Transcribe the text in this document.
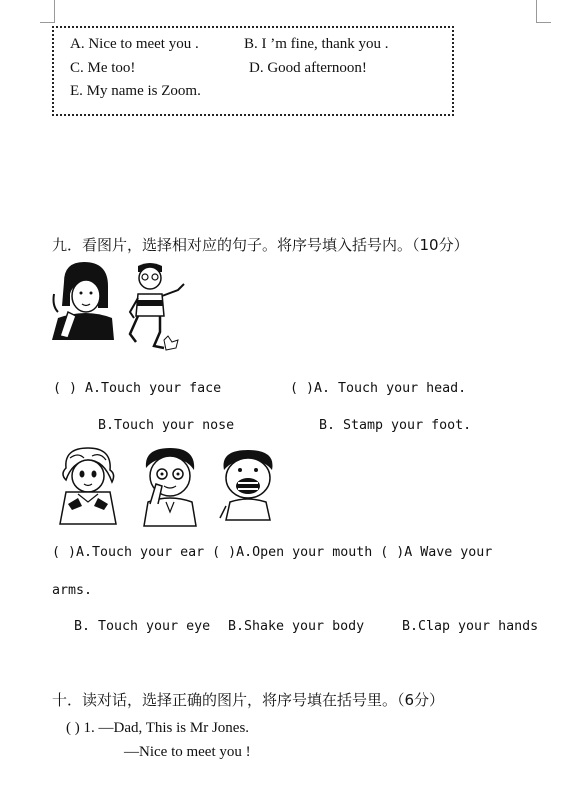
A. Nice to meet you .	B. I ’m fine, thank you .
C. Me too!	D. Good afternoon!
E. My name is Zoom.
九．看图片，选择相对应的句子。将序号填入括号内。（10分）
( ) A.Touch your face	( )A. Touch your head.
B.Touch your nose	B. Stamp your foot.
( )A.Touch your ear ( )A.Open your mouth ( )A Wave your
arms.
B. Touch your eye B.Shake your body	B.Clap your hands
十．读对话，选择正确的图片，将序号填在括号里。（6分）
( ) 1. —Dad, This is Mr Jones.
—Nice to meet you !
